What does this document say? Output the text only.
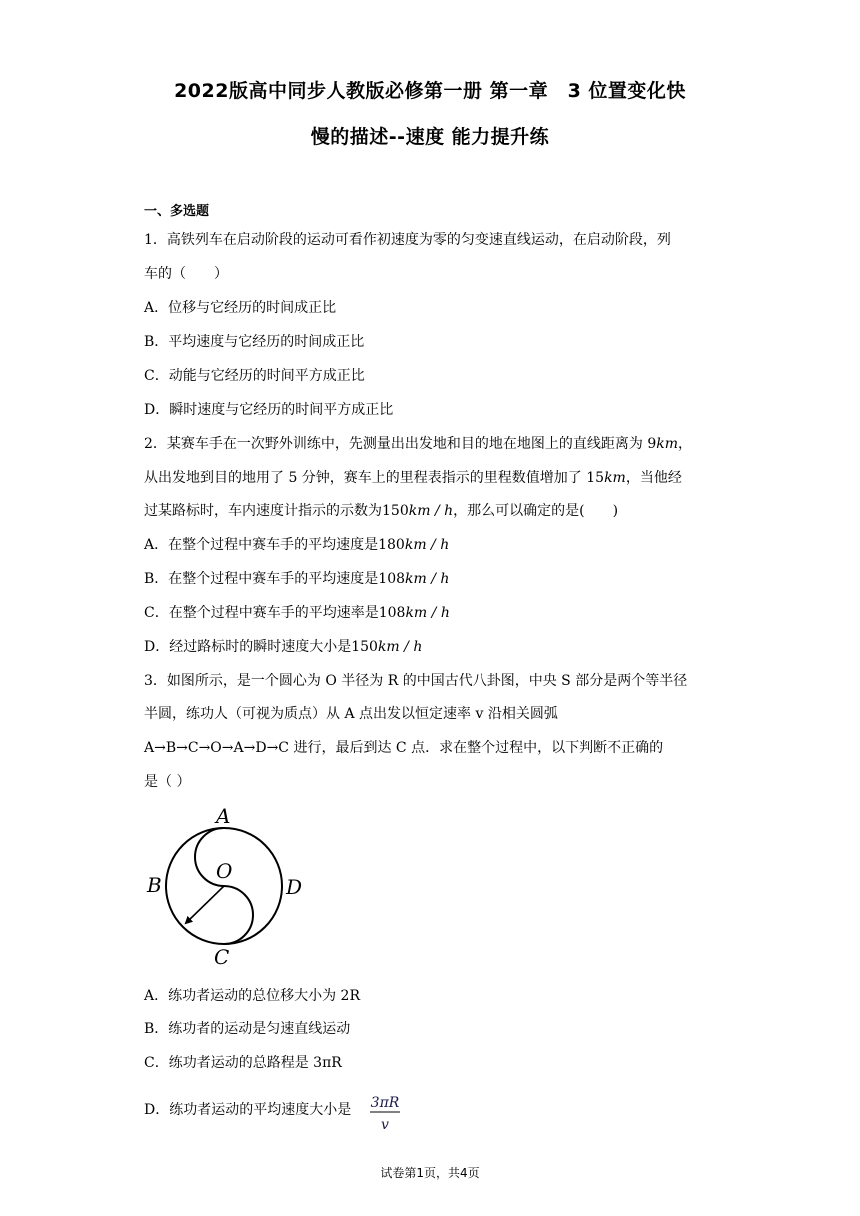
2022版高中同步人教版必修第一册 第一章　3 位置变化快
慢的描述--速度 能力提升练
一、多选题
1．高铁列车在启动阶段的运动可看作初速度为零的匀变速直线运动，在启动阶段，列
车的（　　）
A．位移与它经历的时间成正比
B．平均速度与它经历的时间成正比
C．动能与它经历的时间平方成正比
D．瞬时速度与它经历的时间平方成正比
2．某赛车手在一次野外训练中，先测量出出发地和目的地在地图上的直线距离为 9km，
从出发地到目的地用了 5 分钟，赛车上的里程表指示的里程数值增加了 15km，当他经
过某路标时，车内速度计指示的示数为150km / h，那么可以确定的是(　　)
A．在整个过程中赛车手的平均速度是180km / h
B．在整个过程中赛车手的平均速度是108km / h
C．在整个过程中赛车手的平均速率是108km / h
D．经过路标时的瞬时速度大小是150km / h
3．如图所示，是一个圆心为 O 半径为 R 的中国古代八卦图，中央 S 部分是两个等半径
半圆，练功人（可视为质点）从 A 点出发以恒定速率 v 沿相关圆弧
A→B→C→O→A→D→C 进行，最后到达 C 点．求在整个过程中，以下判断不正确的
是（ ）
A
B
O
D
C
A．练功者运动的总位移大小为 2R
B．练功者的运动是匀速直线运动
C．练功者运动的总路程是 3πR
D．练功者运动的平均速度大小是 3πR
v
试卷第1页，共4页
